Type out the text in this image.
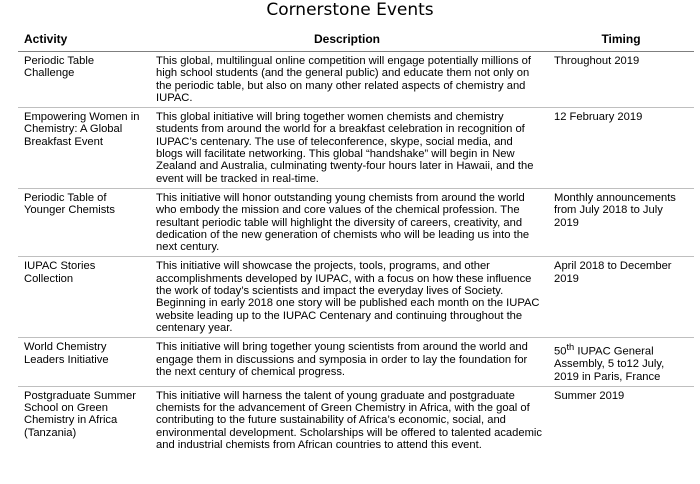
Cornerstone Events
Activity	Description	Timing
Periodic Table Challenge	This global, multilingual online competition will engage potentially millions of high school students (and the general public) and educate them not only on the periodic table, but also on many other related aspects of chemistry and IUPAC.	Throughout 2019
Empowering Women in Chemistry: A Global Breakfast Event	This global initiative will bring together women chemists and chemistry students from around the world for a breakfast celebration in recognition of IUPAC’s centenary. The use of teleconference, skype, social media, and blogs will facilitate networking. This global “handshake” will begin in New Zealand and Australia, culminating twenty-four hours later in Hawaii, and the event will be tracked in real-time.	12 February 2019
Periodic Table of Younger Chemists	This initiative will honor outstanding young chemists from around the world who embody the mission and core values of the chemical profession. The resultant periodic table will highlight the diversity of careers, creativity, and dedication of the new generation of chemists who will be leading us into the next century.	Monthly announcements from July 2018 to July 2019
IUPAC Stories Collection	This initiative will showcase the projects, tools, programs, and other accomplishments developed by IUPAC, with a focus on how these influence the work of today’s scientists and impact the everyday lives of Society. Beginning in early 2018 one story will be published each month on the IUPAC website leading up to the IUPAC Centenary and continuing throughout the centenary year.	April 2018 to December 2019
World Chemistry Leaders Initiative	This initiative will bring together young scientists from around the world and engage them in discussions and symposia in order to lay the foundation for the next century of chemical progress.	50th IUPAC General Assembly, 5 to12 July, 2019 in Paris, France
Postgraduate Summer School on Green Chemistry in Africa (Tanzania)	This initiative will harness the talent of young graduate and postgraduate chemists for the advancement of Green Chemistry in Africa, with the goal of contributing to the future sustainability of Africa’s economic, social, and environmental development. Scholarships will be offered to talented academic and industrial chemists from African countries to attend this event.	Summer 2019
